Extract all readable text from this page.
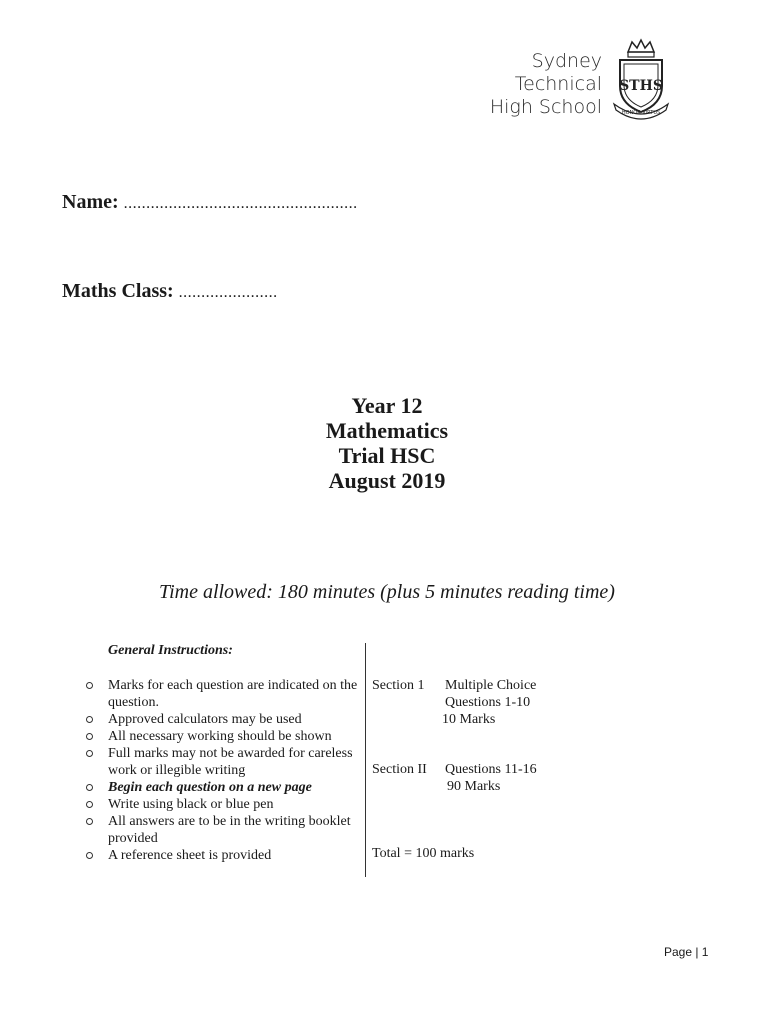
Sydney
Technical
High School
STHS
HONOR VIRTUS
Name: ....................................................
Maths Class: ......................
Year 12
Mathematics
Trial HSC
August 2019
Time allowed: 180 minutes (plus 5 minutes reading time)
General Instructions:
Marks for each question are indicated on the question.
Approved calculators may be used
All necessary working should be shown
Full marks may not be awarded for careless work or illegible writing
Begin each question on a new page
Write using black or blue pen
All answers are to be in the writing booklet provided
A reference sheet is provided
Section 1 Multiple Choice
Questions 1-10
10 Marks
Section II Questions 11-16
90 Marks
Total = 100 marks
Page | 1
